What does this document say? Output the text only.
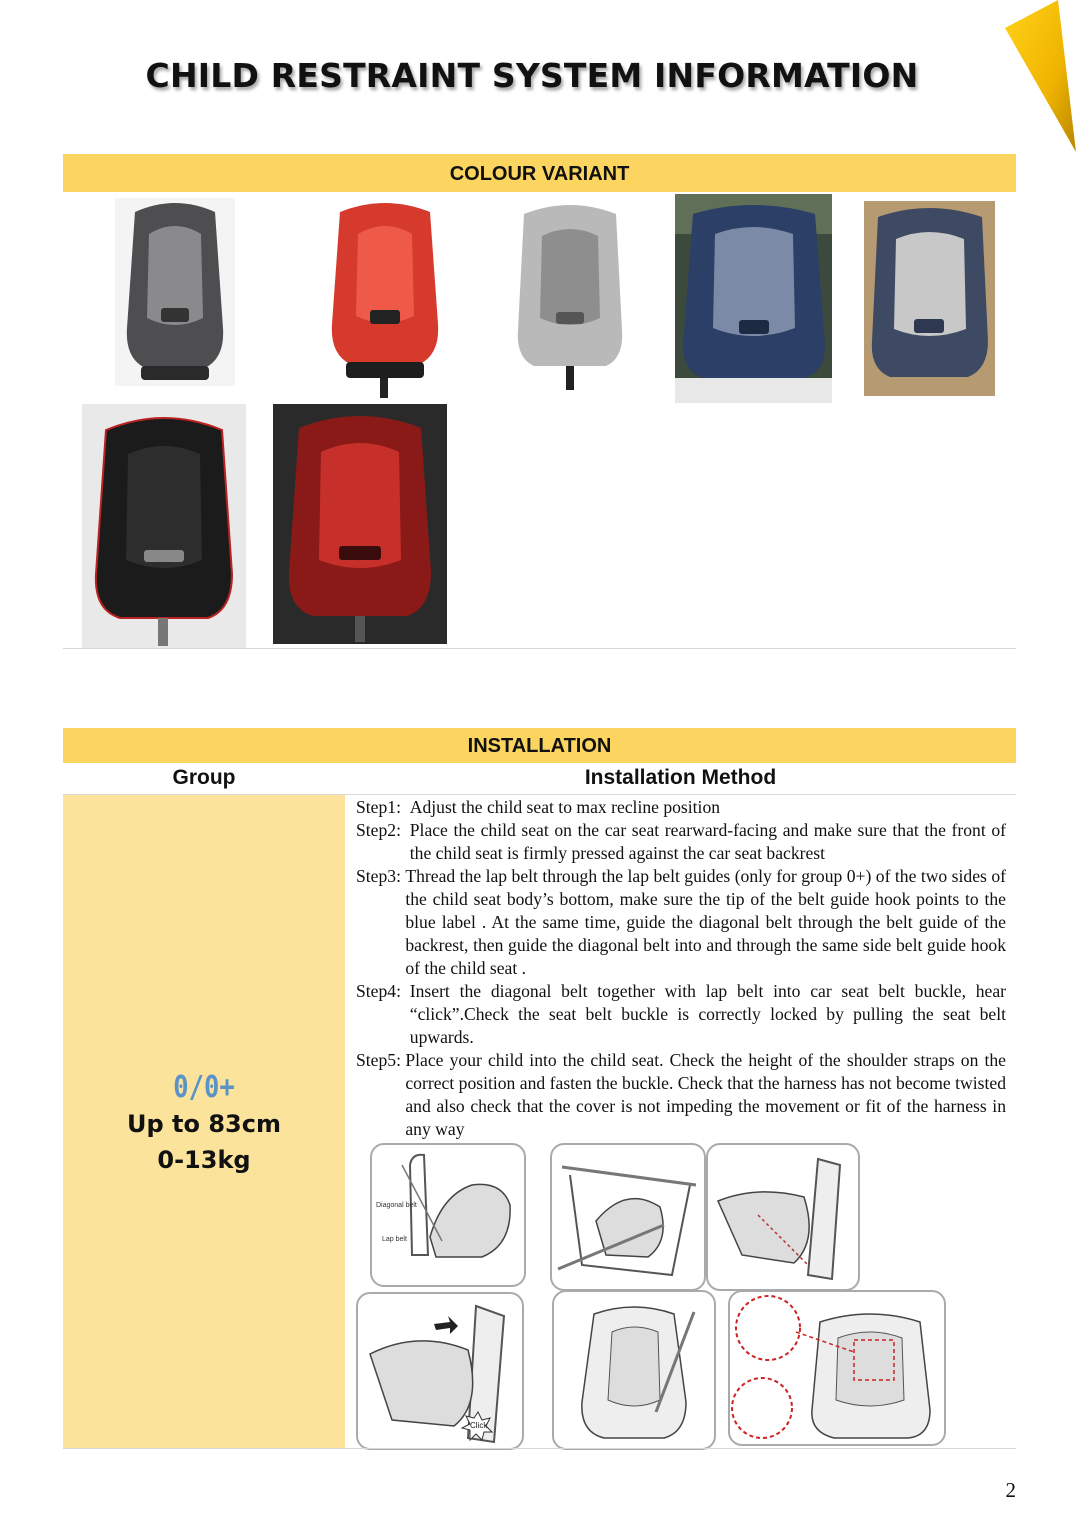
CHILD RESTRAINT SYSTEM INFORMATION
COLOUR VARIANT
INSTALLATION
Group	Installation Method
0/0+
Up to 83cm
0-13kg
Step1: Adjust the child seat to max recline position
Step2: Place the child seat on the car seat rearward-facing and make sure that the front of the child seat is firmly pressed against the car seat backrest
Step3: Thread the lap belt through the lap belt guides (only for group 0+) of the two sides of the child seat body’s bottom, make sure the tip of the belt guide hook points to the blue label . At the same time, guide the diagonal belt through the belt guide of the backrest, then guide the diagonal belt into and through the same side belt guide hook of the child seat .
Step4: Insert the diagonal belt together with lap belt into car seat belt buckle, hear “click”.Check the seat belt buckle is correctly locked by pulling the seat belt upwards.
Step5: Place your child into the child seat. Check the height of the shoulder straps on the correct position and fasten the buckle. Check that the harness has not become twisted and also check that the cover is not impeding the movement or fit of the harness in any way
Diagonal belt
Lap belt
Click
2
